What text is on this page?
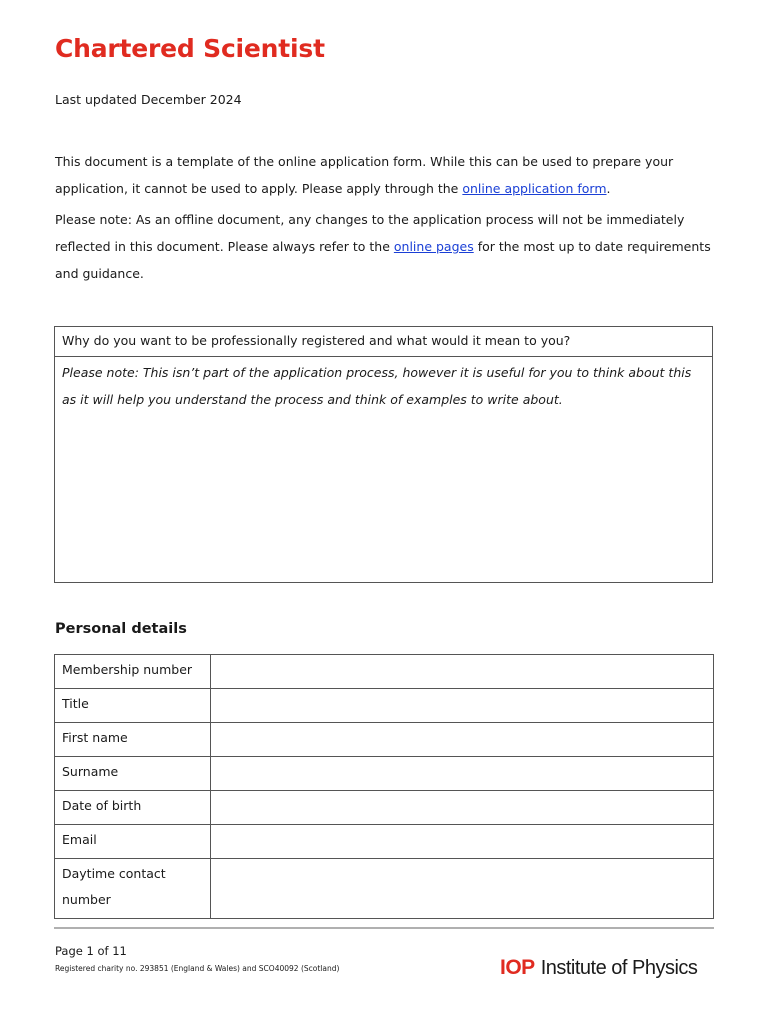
Chartered Scientist
Last updated December 2024

This document is a template of the online application form. While this can be used to prepare your application, it cannot be used to apply. Please apply through the online application form.

Please note: As an offline document, any changes to the application process will not be immediately reflected in this document. Please always refer to the online pages for the most up to date requirements and guidance.

Why do you want to be professionally registered and what would it mean to you?
Please note: This isn’t part of the application process, however it is useful for you to think about this as it will help you understand the process and think of examples to write about.
Personal details
Membership number	
Title	
First name	
Surname	
Date of birth	
Email	
Daytime contact number	
Page 1 of 11
Registered charity no. 293851 (England & Wales) and SCO40092 (Scotland)	IOP Institute of Physics
